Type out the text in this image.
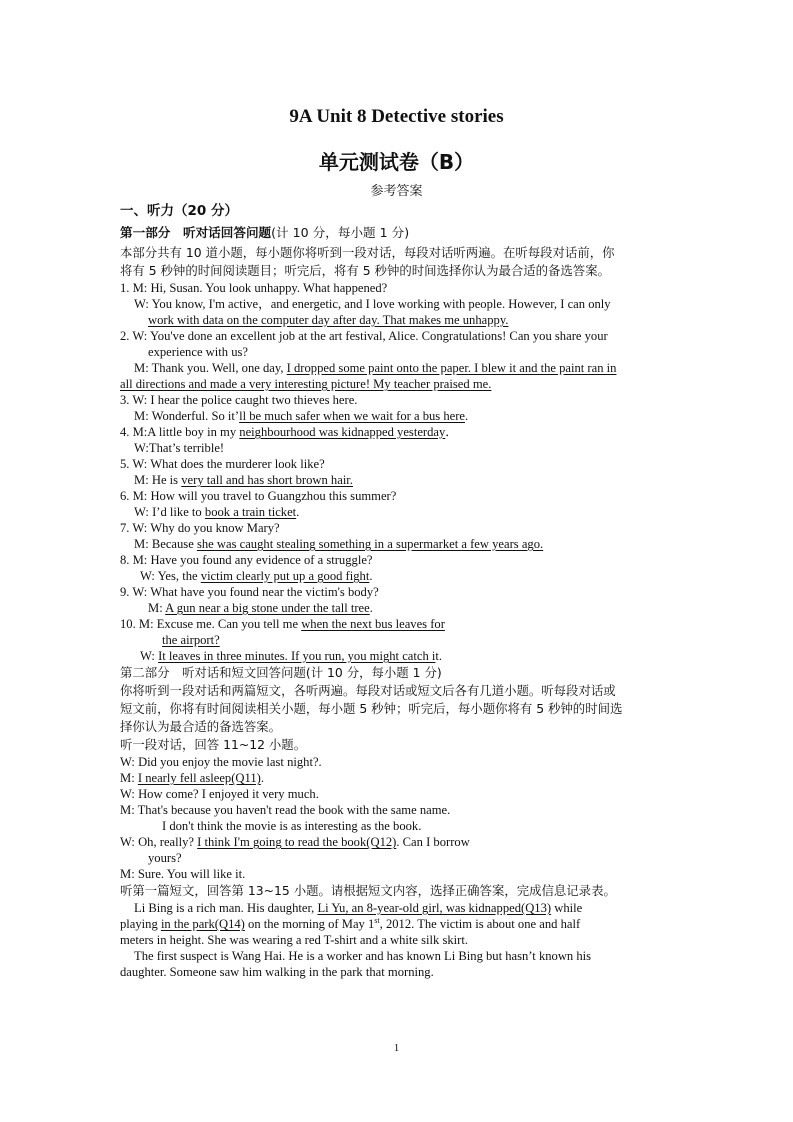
9A Unit 8 Detective stories
单元测试卷（B）
参考答案
一、听力（20 分）
第一部分　听对话回答问题(计 10 分，每小题 1 分)
本部分共有 10 道小题，每小题你将听到一段对话，每段对话听两遍。在听每段对话前，你
将有 5 秒钟的时间阅读题目；听完后，将有 5 秒钟的时间选择你认为最合适的备选答案。
1. M: Hi, Susan. You look unhappy. What happened?
W: You know, I'm active，and energetic, and I love working with people. However, I can only
work with data on the computer day after day. That makes me unhappy.
2. W: You've done an excellent job at the art festival, Alice. Congratulations! Can you share your
experience with us?
M: Thank you. Well, one day, I dropped some paint onto the paper. I blew it and the paint ran in
all directions and made a very interesting picture! My teacher praised me.
3. W: I hear the police caught two thieves here.
M: Wonderful. So it’ll be much safer when we wait for a bus here.
4. M:A little boy in my neighbourhood was kidnapped yesterday．
W:That’s terrible!
5. W: What does the murderer look like?
M: He is very tall and has short brown hair.
6. M: How will you travel to Guangzhou this summer?
W: I’d like to book a train ticket.
7. W: Why do you know Mary?
M: Because she was caught stealing something in a supermarket a few years ago.
8. M: Have you found any evidence of a struggle?
W: Yes, the victim clearly put up a good fight.
9. W: What have you found near the victim's body?
M: A gun near a big stone under the tall tree.
10. M: Excuse me. Can you tell me when the next bus leaves for
the airport?
W: It leaves in three minutes. If you run, you might catch it.
第二部分　听对话和短文回答问题(计 10 分，每小题 1 分)
你将听到一段对话和两篇短文，各听两遍。每段对话或短文后各有几道小题。听每段对话或
短文前，你将有时间阅读相关小题，每小题 5 秒钟；听完后，每小题你将有 5 秒钟的时间选
择你认为最合适的备选答案。
听一段对话，回答 11~12 小题。
W: Did you enjoy the movie last night?.
M: I nearly fell asleep(Q11).
W: How come? I enjoyed it very much.
M: That's because you haven't read the book with the same name.
I don't think the movie is as interesting as the book.
W: Oh, really? I think I'm going to read the book(Q12). Can I borrow
yours?
M: Sure. You will like it.
听第一篇短文，回答第 13~15 小题。请根据短文内容，选择正确答案，完成信息记录表。
Li Bing is a rich man. His daughter, Li Yu, an 8-year-old girl, was kidnapped(Q13) while
playing in the park(Q14) on the morning of May 1st, 2012. The victim is about one and half
meters in height. She was wearing a red T-shirt and a white silk skirt.
The first suspect is Wang Hai. He is a worker and has known Li Bing but hasn’t known his
daughter. Someone saw him walking in the park that morning.
1
